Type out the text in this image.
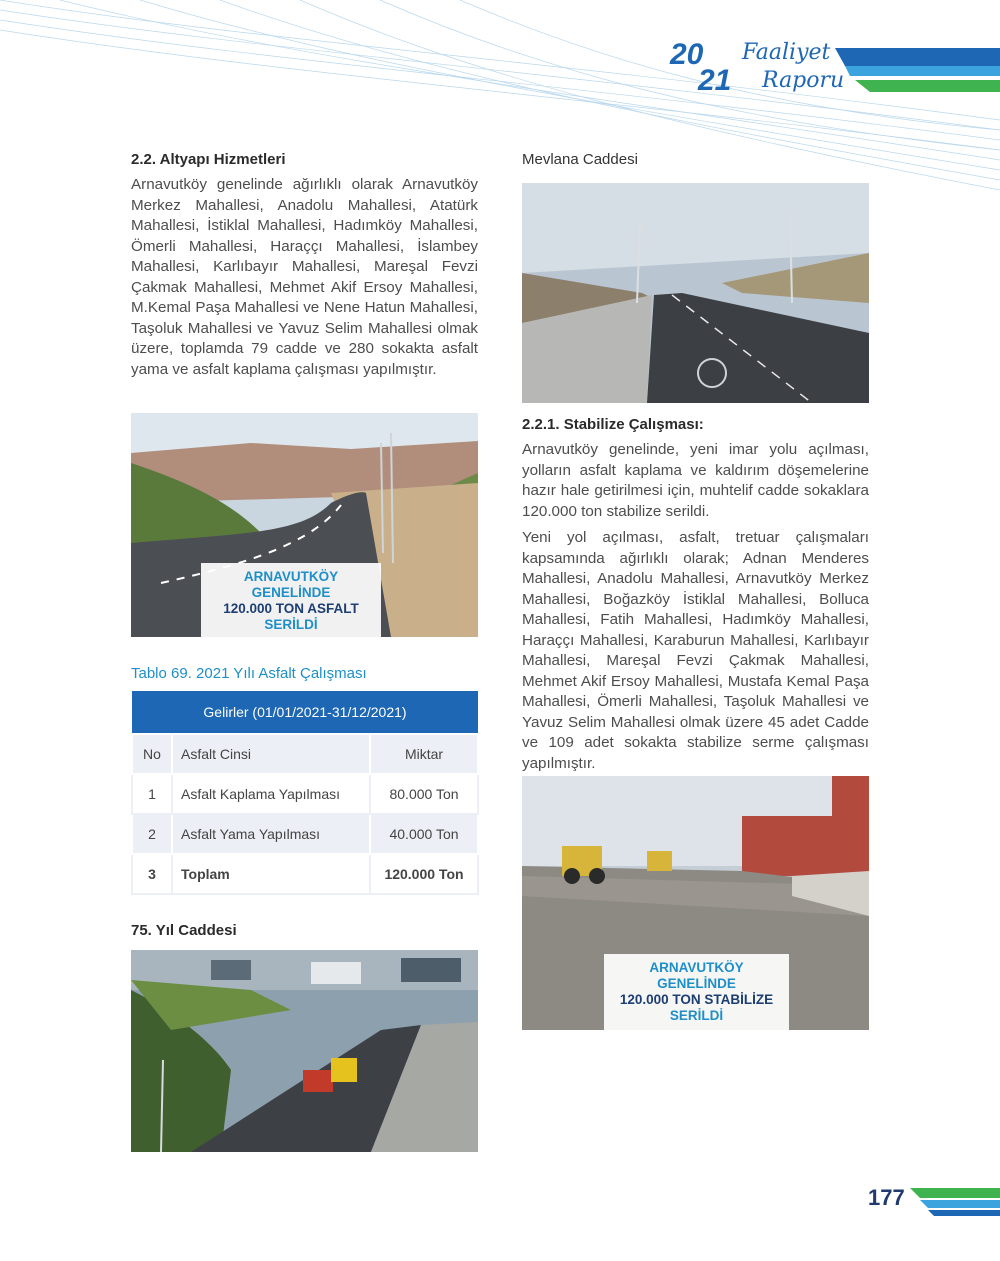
20
21
Faaliyet
Raporu
2.2. Altyapı Hizmetleri

Arnavutköy genelinde ağırlıklı olarak Arnavutköy Merkez Mahallesi, Anadolu Mahallesi, Atatürk Mahallesi, İstiklal Mahallesi, Hadımköy Mahallesi, Ömerli Mahallesi, Haraççı Mahallesi, İslambey Mahallesi, Karlıbayır Mahallesi, Mareşal Fevzi Çakmak Mahallesi, Mehmet Akif Ersoy Mahallesi, M.Kemal Paşa Mahallesi ve Nene Hatun Mahallesi, Taşoluk Mahallesi ve Yavuz Selim Mahallesi olmak üzere, toplamda 79 cadde ve 280 sokakta asfalt yama ve asfalt kaplama çalışması yapılmıştır.

ARNAVUTKÖY GENELİNDE
120.000 TON ASFALT
SERİLDİ
Tablo 69. 2021 Yılı Asfalt Çalışması
Gelirler (01/01/2021-31/12/2021)		
No	Asfalt Cinsi	Miktar
1	Asfalt Kaplama Yapılması	80.000 Ton
2	Asfalt Yama Yapılması	40.000 Ton
3	Toplam	120.000 Ton
75. Yıl Caddesi
Mevlana Caddesi
2.2.1. Stabilize Çalışması:

Arnavutköy genelinde, yeni imar yolu açılması, yolların asfalt kaplama ve kaldırım döşemelerine hazır hale getirilmesi için, muhtelif cadde sokaklara 120.000 ton stabilize serildi.

Yeni yol açılması, asfalt, tretuar çalışmaları kapsamında ağırlıklı olarak; Adnan Menderes Mahallesi, Anadolu Mahallesi, Arnavutköy Merkez Mahallesi, Boğazköy İstiklal Mahallesi, Bolluca Mahallesi, Fatih Mahallesi, Hadımköy Mahallesi, Haraççı Mahallesi, Karaburun Mahallesi, Karlıbayır Mahallesi, Mareşal Fevzi Çakmak Mahallesi, Mehmet Akif Ersoy Mahallesi, Mustafa Kemal Paşa Mahallesi, Ömerli Mahallesi, Taşoluk Mahallesi ve Yavuz Selim Mahallesi olmak üzere 45 adet Cadde ve 109 adet sokakta stabilize serme çalışması yapılmıştır.

ARNAVUTKÖY GENELİNDE
120.000 TON STABİLİZE
SERİLDİ
177
